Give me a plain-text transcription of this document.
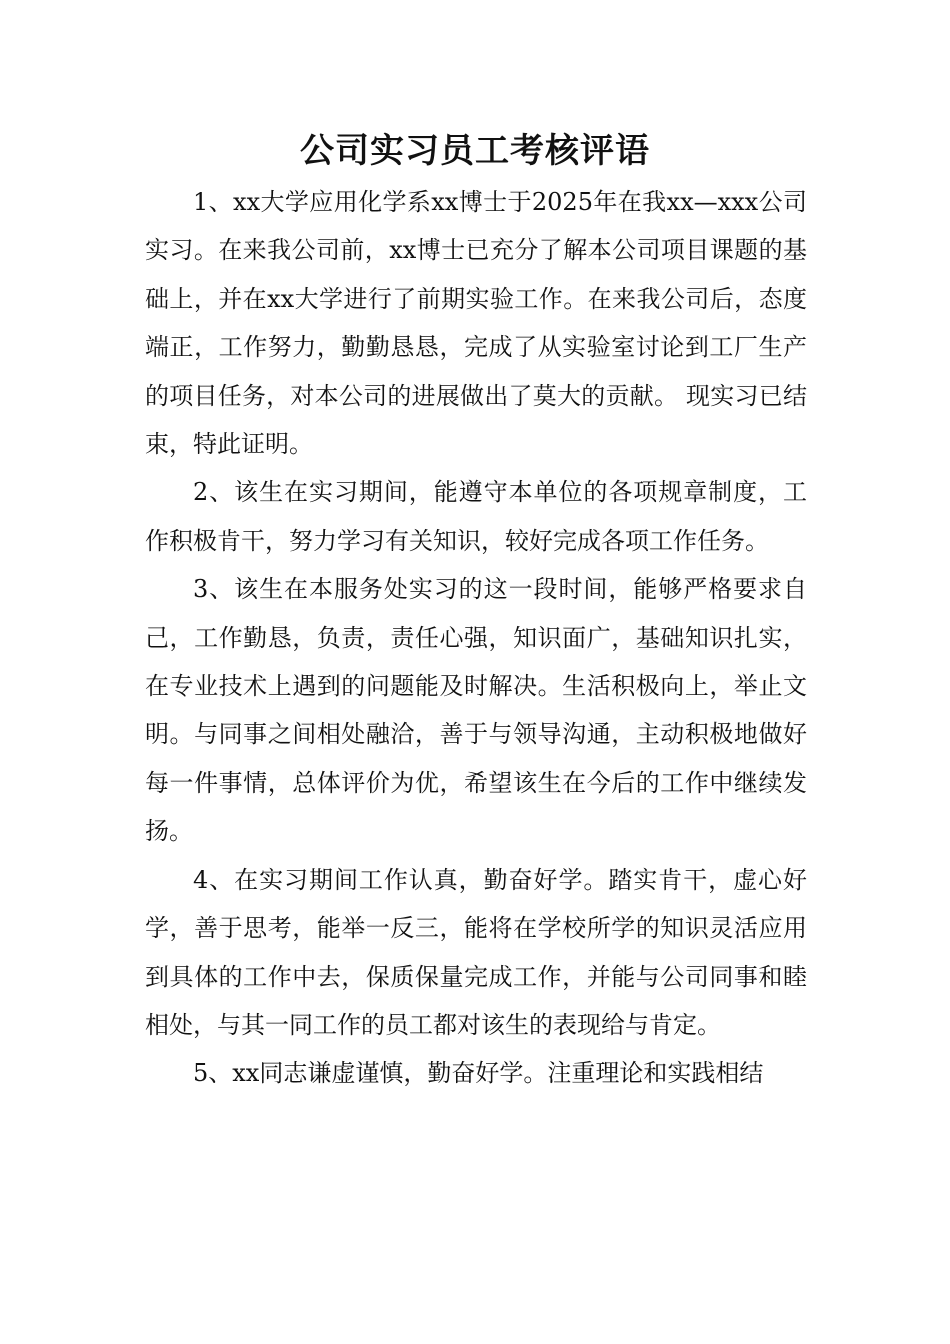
公司实习员工考核评语

1、xx大学应用化学系xx博士于2025年在我xx—xxx公司实习。在来我公司前，xx博士已充分了解本公司项目课题的基础上，并在xx大学进行了前期实验工作。在来我公司后，态度端正，工作努力，勤勤恳恳，完成了从实验室讨论到工厂生产的项目任务，对本公司的进展做出了莫大的贡献。 现实习已结束，特此证明。

2、该生在实习期间，能遵守本单位的各项规章制度，工作积极肯干，努力学习有关知识，较好完成各项工作任务。

3、该生在本服务处实习的这一段时间，能够严格要求自己，工作勤恳，负责，责任心强，知识面广，基础知识扎实，在专业技术上遇到的问题能及时解决。生活积极向上，举止文明。与同事之间相处融洽，善于与领导沟通，主动积极地做好每一件事情，总体评价为优，希望该生在今后的工作中继续发扬。

4、在实习期间工作认真，勤奋好学。踏实肯干，虚心好学，善于思考，能举一反三，能将在学校所学的知识灵活应用到具体的工作中去，保质保量完成工作，并能与公司同事和睦相处，与其一同工作的员工都对该生的表现给与肯定。

5、xx同志谦虚谨慎，勤奋好学。注重理论和实践相结
